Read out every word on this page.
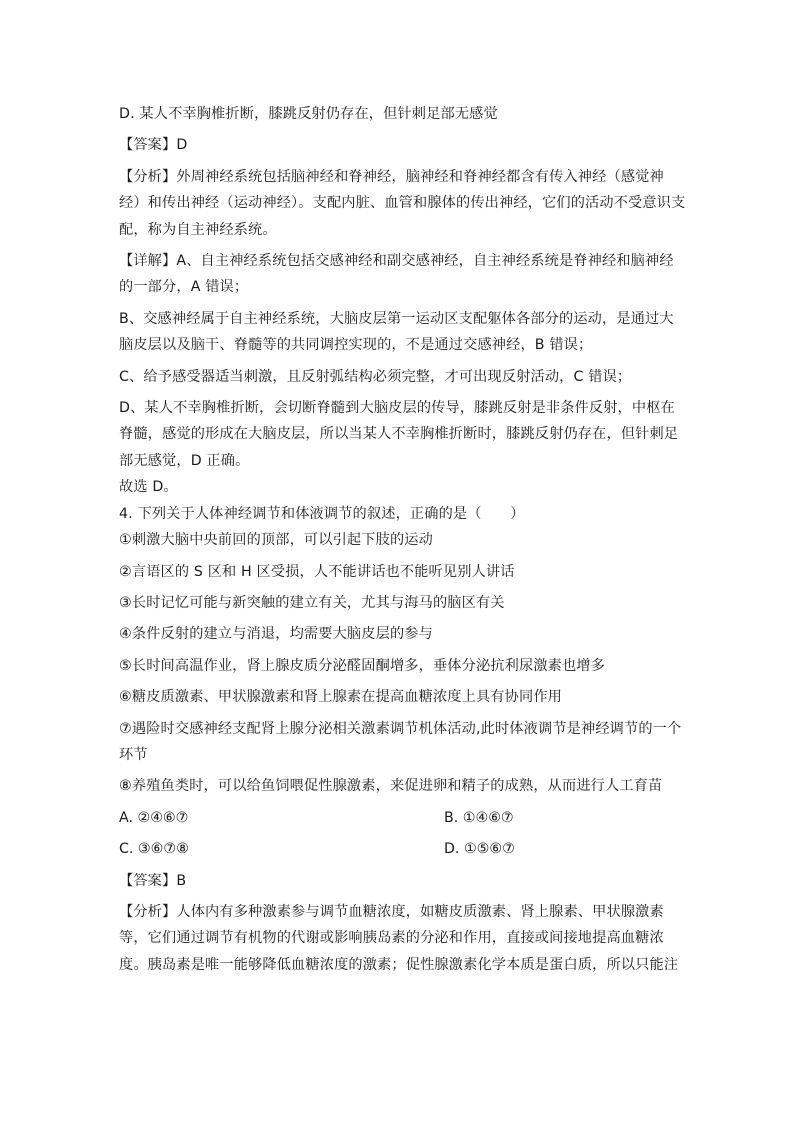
D. 某人不幸胸椎折断，膝跳反射仍存在，但针刺足部无感觉

【答案】D

【分析】外周神经系统包括脑神经和脊神经，脑神经和脊神经都含有传入神经（感觉神

经）和传出神经（运动神经）。支配内脏、血管和腺体的传出神经，它们的活动不受意识支

配，称为自主神经系统。

【详解】A、自主神经系统包括交感神经和副交感神经，自主神经系统是脊神经和脑神经

的一部分，A 错误；

B、交感神经属于自主神经系统，大脑皮层第一运动区支配躯体各部分的运动，是通过大

脑皮层以及脑干、脊髓等的共同调控实现的，不是通过交感神经，B 错误；

C、给予感受器适当刺激，且反射弧结构必须完整，才可出现反射活动，C 错误；

D、某人不幸胸椎折断，会切断脊髓到大脑皮层的传导，膝跳反射是非条件反射，中枢在

脊髓，感觉的形成在大脑皮层，所以当某人不幸胸椎折断时，膝跳反射仍存在，但针刺足

部无感觉，D 正确。

故选 D。

4. 下列关于人体神经调节和体液调节的叙述，正确的是（　　）

①刺激大脑中央前回的顶部，可以引起下肢的运动

②言语区的 S 区和 H 区受损，人不能讲话也不能听见别人讲话

③长时记忆可能与新突触的建立有关，尤其与海马的脑区有关

④条件反射的建立与消退，均需要大脑皮层的参与

⑤长时间高温作业，肾上腺皮质分泌醛固酮增多，垂体分泌抗利尿激素也增多

⑥糖皮质激素、甲状腺激素和肾上腺素在提高血糖浓度上具有协同作用

⑦遇险时交感神经支配肾上腺分泌相关激素调节机体活动,此时体液调节是神经调节的一个

环节

⑧养殖鱼类时，可以给鱼饲喂促性腺激素，来促进卵和精子的成熟，从而进行人工育苗

A. ②④⑥⑦	B. ①④⑥⑦
C. ③⑥⑦⑧	D. ①⑤⑥⑦

【答案】B

【分析】人体内有多种激素参与调节血糖浓度，如糖皮质激素、肾上腺素、甲状腺激素

等，它们通过调节有机物的代谢或影响胰岛素的分泌和作用，直接或间接地提高血糖浓

度。胰岛素是唯一能够降低血糖浓度的激素；促性腺激素化学本质是蛋白质，所以只能注
